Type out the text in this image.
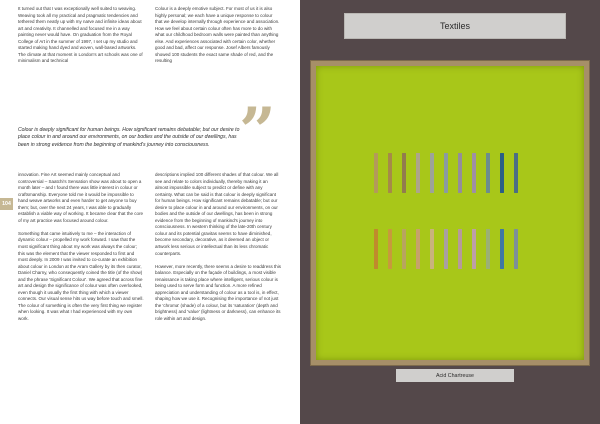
It turned out that I was exceptionally well suited to weaving. Weaving took all my practical and pragmatic tendencies and tethered them neatly up with my naïve and infinite ideas about art and creativity. It channelled and focused me in a way painting never would have. On graduation from the Royal College of Art in the summer of 1997, I set up my studio and started making hand dyed and woven, wall-based artworks. The climate at that moment in London's art schools was one of minimalism and technical
Colour is a deeply emotive subject. For most of us it is also highly personal; we each have a unique response to colour that we develop internally through experience and association. How we feel about certain colour often has more to do with what our childhood bedroom walls were painted than anything else. And experiences associated with certain color, whether good and bad, affect our response. Josef Albers famously showed 100 students the exact same shade of red, and the resulting

Colour is deeply significant for human beings. How significant remains debatable; but our desire to place colour in and around our environments, on our bodies and the outside of our dwellings, has been in strong evidence from the beginning of mankind's journey into consciousness. ”
104

innovation. Fine Art seemed mainly conceptual and controversial – Saatchi's Sensation show was about to open a month later – and I found there was little interest in colour or craftsmanship. Everyone told me it would be impossible to hand weave artworks and even harder to get anyone to buy them; but, over the next 24 years, I was able to gradually establish a viable way of working. It became clear that the core of my art practice was focused around colour.

Something that came intuitively to me – the interaction of dynamic colour – propelled my work forward. I saw that the most significant thing about my work was always the colour; this was the element that the viewer responded to first and most deeply. In 2009 I was invited to co-curate an exhibition about colour in London at the Aram Gallery by its then curator, Daniel Charny, who consequently coined the title (of the show) and the phrase 'Significant Colour'. We agreed that across fine art and design the significance of colour was often overlooked, even though it usually the first thing with which a viewer connects. Our visual sense hits us way before touch and smell. The colour of something is often the very first thing we register when looking. It was what I had experienced with my own work.

descriptions implied 100 different shades of that colour. We all see and relate to colors individually, thereby making it an almost impossible subject to predict or define with any certainty. What can be said is that colour is deeply significant for human beings. How significant remains debatable; but our desire to place colour in and around our environments, on our bodies and the outside of our dwellings, has been in strong evidence from the beginning of mankind's journey into consciousness. In western thinking of the late-20th century colour and its potential gravitas seems to have diminished, become secondary, decorative, as it deemed an object or artwork less serious or intellectual than its less chromatic counterparts.

However, more recently, there seems a desire to readdress this balance. Especially on the façade of buildings, a most visible renaissance is taking place where intelligent, serious colour is being used to serve form and function. A more refined appreciation and understanding of colour as a tool is, in effect, shaping how we use it. Recognising the importance of not just the 'chroma' (shade) of a colour, but its 'saturation' (depth and brightness) and 'value' (lightness or darkness), can enhance its role within art and design.

Textiles
Acid Chartreuse
